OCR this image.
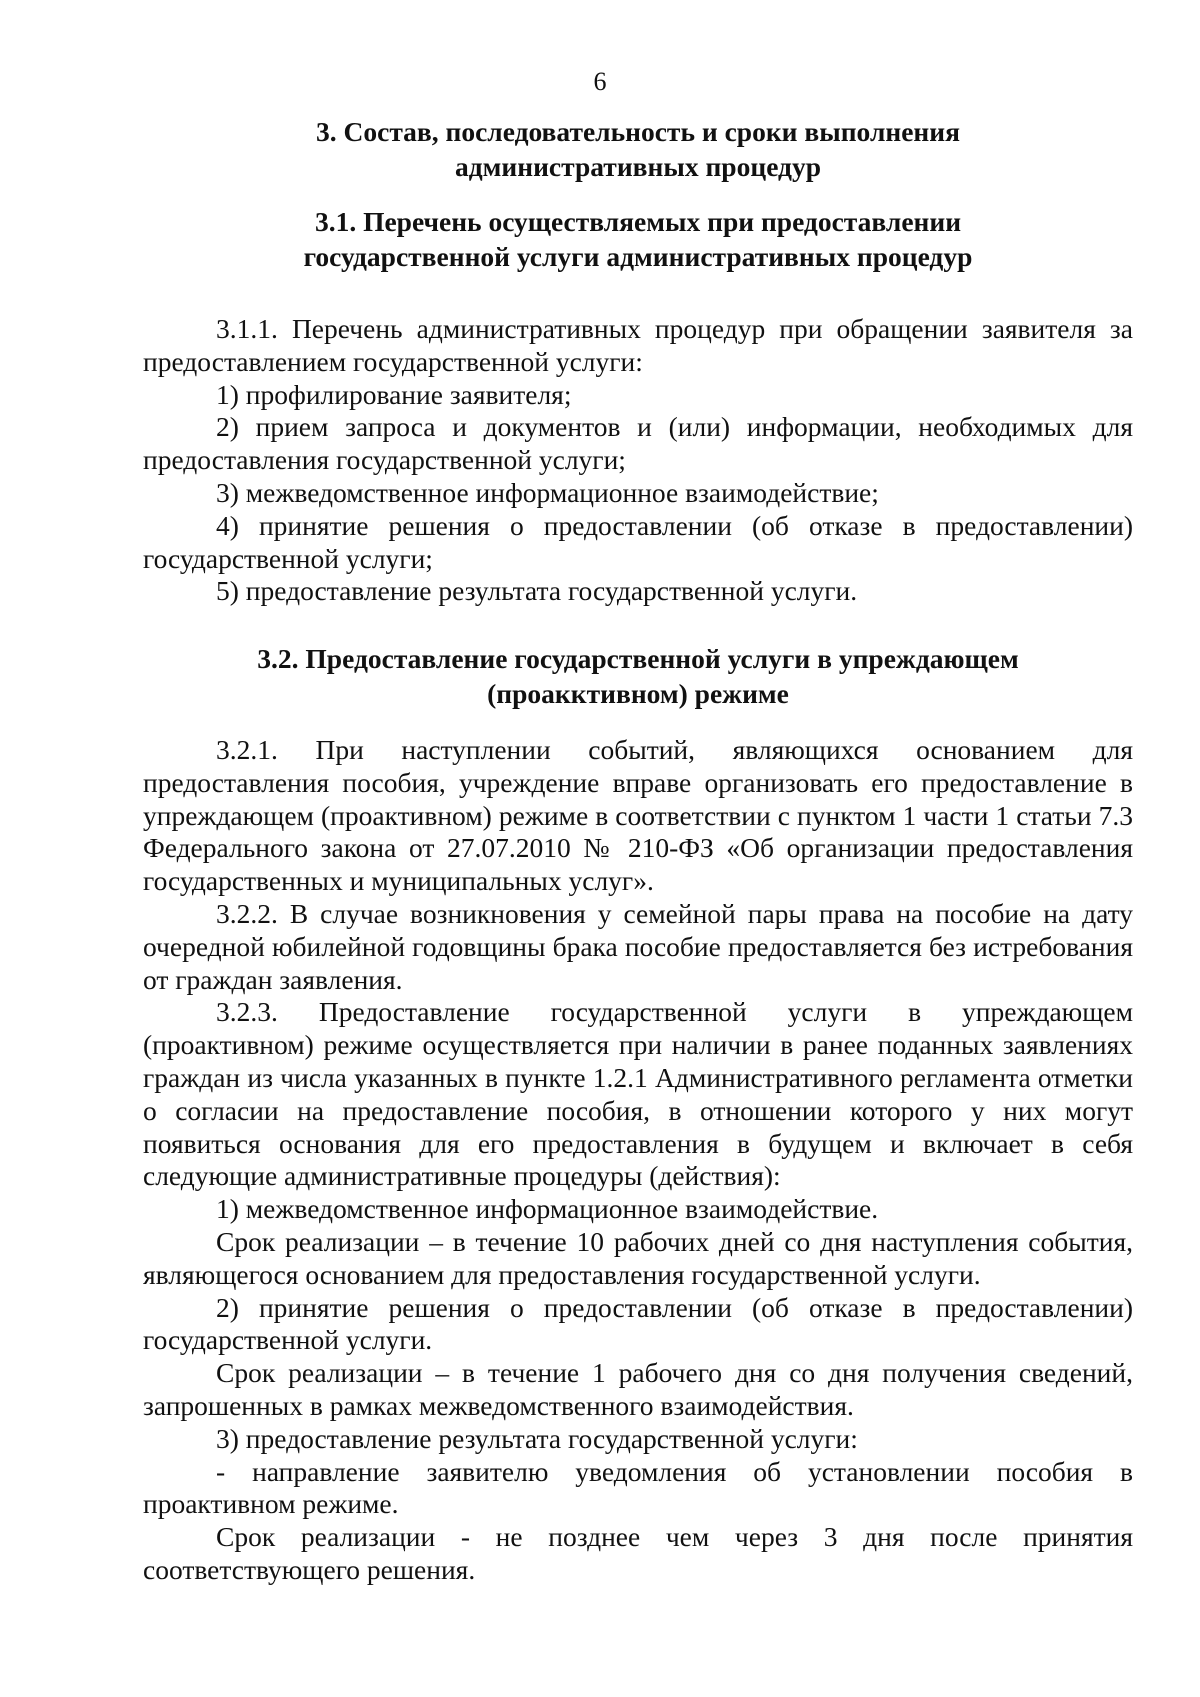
6
3. Состав, последовательность и сроки выполнения
административных процедур
3.1. Перечень осуществляемых при предоставлении
государственной услуги административных процедур

3.1.1. Перечень административных процедур при обращении заявителя за предоставлением государственной услуги:

1) профилирование заявителя;

2) прием запроса и документов и (или) информации, необходимых для предоставления государственной услуги;

3) межведомственное информационное взаимодействие;

4) принятие решения о предоставлении (об отказе в предоставлении) государственной услуги;

5) предоставление результата государственной услуги.

3.2. Предоставление государственной услуги в упреждающем
(проакктивном) режиме

3.2.1. При наступлении событий, являющихся основанием для предоставления пособия, учреждение вправе организовать его предоставление в упреждающем (проактивном) режиме в соответствии с пунктом 1 части 1 статьи 7.3 Федерального закона от 27.07.2010 № 210-ФЗ «Об организации предоставления государственных и муниципальных услуг».

3.2.2. В случае возникновения у семейной пары права на пособие на дату очередной юбилейной годовщины брака пособие предоставляется без истребования от граждан заявления.

3.2.3. Предоставление государственной услуги в упреждающем (проактивном) режиме осуществляется при наличии в ранее поданных заявлениях граждан из числа указанных в пункте 1.2.1 Административного регламента отметки о согласии на предоставление пособия, в отношении которого у них могут появиться основания для его предоставления в будущем и включает в себя следующие административные процедуры (действия):

1) межведомственное информационное взаимодействие.

Срок реализации – в течение 10 рабочих дней со дня наступления события, являющегося основанием для предоставления государственной услуги.

2) принятие решения о предоставлении (об отказе в предоставлении) государственной услуги.

Срок реализации – в течение 1 рабочего дня со дня получения сведений, запрошенных в рамках межведомственного взаимодействия.

3) предоставление результата государственной услуги:

- направление заявителю уведомления об установлении пособия в проактивном режиме.

Срок реализации - не позднее чем через 3 дня после принятия соответствующего решения.
